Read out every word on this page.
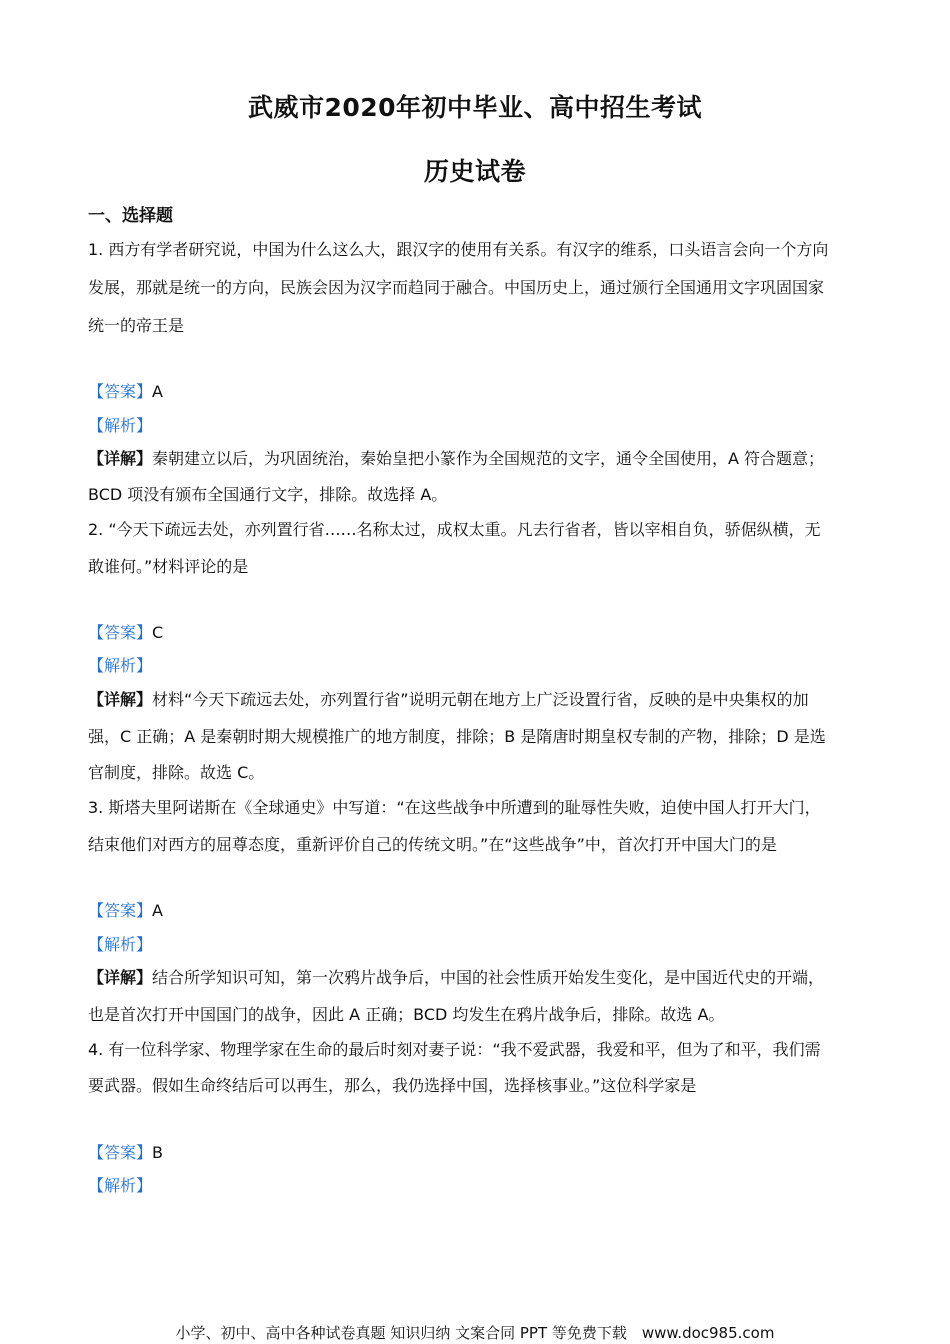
武威市2020年初中毕业、高中招生考试
历史试卷
一、选择题
1. 西方有学者研究说，中国为什么这么大，跟汉字的使用有关系。有汉字的维系，口头语言会向一个方向
发展，那就是统一的方向，民族会因为汉字而趋同于融合。中国历史上，通过颁行全国通用文字巩固国家
统一的帝王是
【答案】A
【解析】
【详解】秦朝建立以后，为巩固统治，秦始皇把小篆作为全国规范的文字，通令全国使用，A 符合题意；
BCD 项没有颁布全国通行文字，排除。故选择 A。
2. “今天下疏远去处，亦列置行省……名称太过，成权太重。凡去行省者，皆以宰相自负，骄倨纵横，无
敢谁何。”材料评论的是
【答案】C
【解析】
【详解】材料“今天下疏远去处，亦列置行省”说明元朝在地方上广泛设置行省，反映的是中央集权的加
强，C 正确；A 是秦朝时期大规模推广的地方制度，排除；B 是隋唐时期皇权专制的产物，排除；D 是选
官制度，排除。故选 C。
3. 斯塔夫里阿诺斯在《全球通史》中写道：“在这些战争中所遭到的耻辱性失败，迫使中国人打开大门，
结束他们对西方的屈尊态度，重新评价自己的传统文明。”在“这些战争”中，首次打开中国大门的是
【答案】A
【解析】
【详解】结合所学知识可知，第一次鸦片战争后，中国的社会性质开始发生变化，是中国近代史的开端，
也是首次打开中国国门的战争，因此 A 正确；BCD 均发生在鸦片战争后，排除。故选 A。
4. 有一位科学家、物理学家在生命的最后时刻对妻子说：“我不爱武器，我爱和平，但为了和平，我们需
要武器。假如生命终结后可以再生，那么，我仍选择中国，选择核事业。”这位科学家是
【答案】B
【解析】
小学、初中、高中各种试卷真题 知识归纳 文案合同 PPT 等免费下载　www.doc985.com
